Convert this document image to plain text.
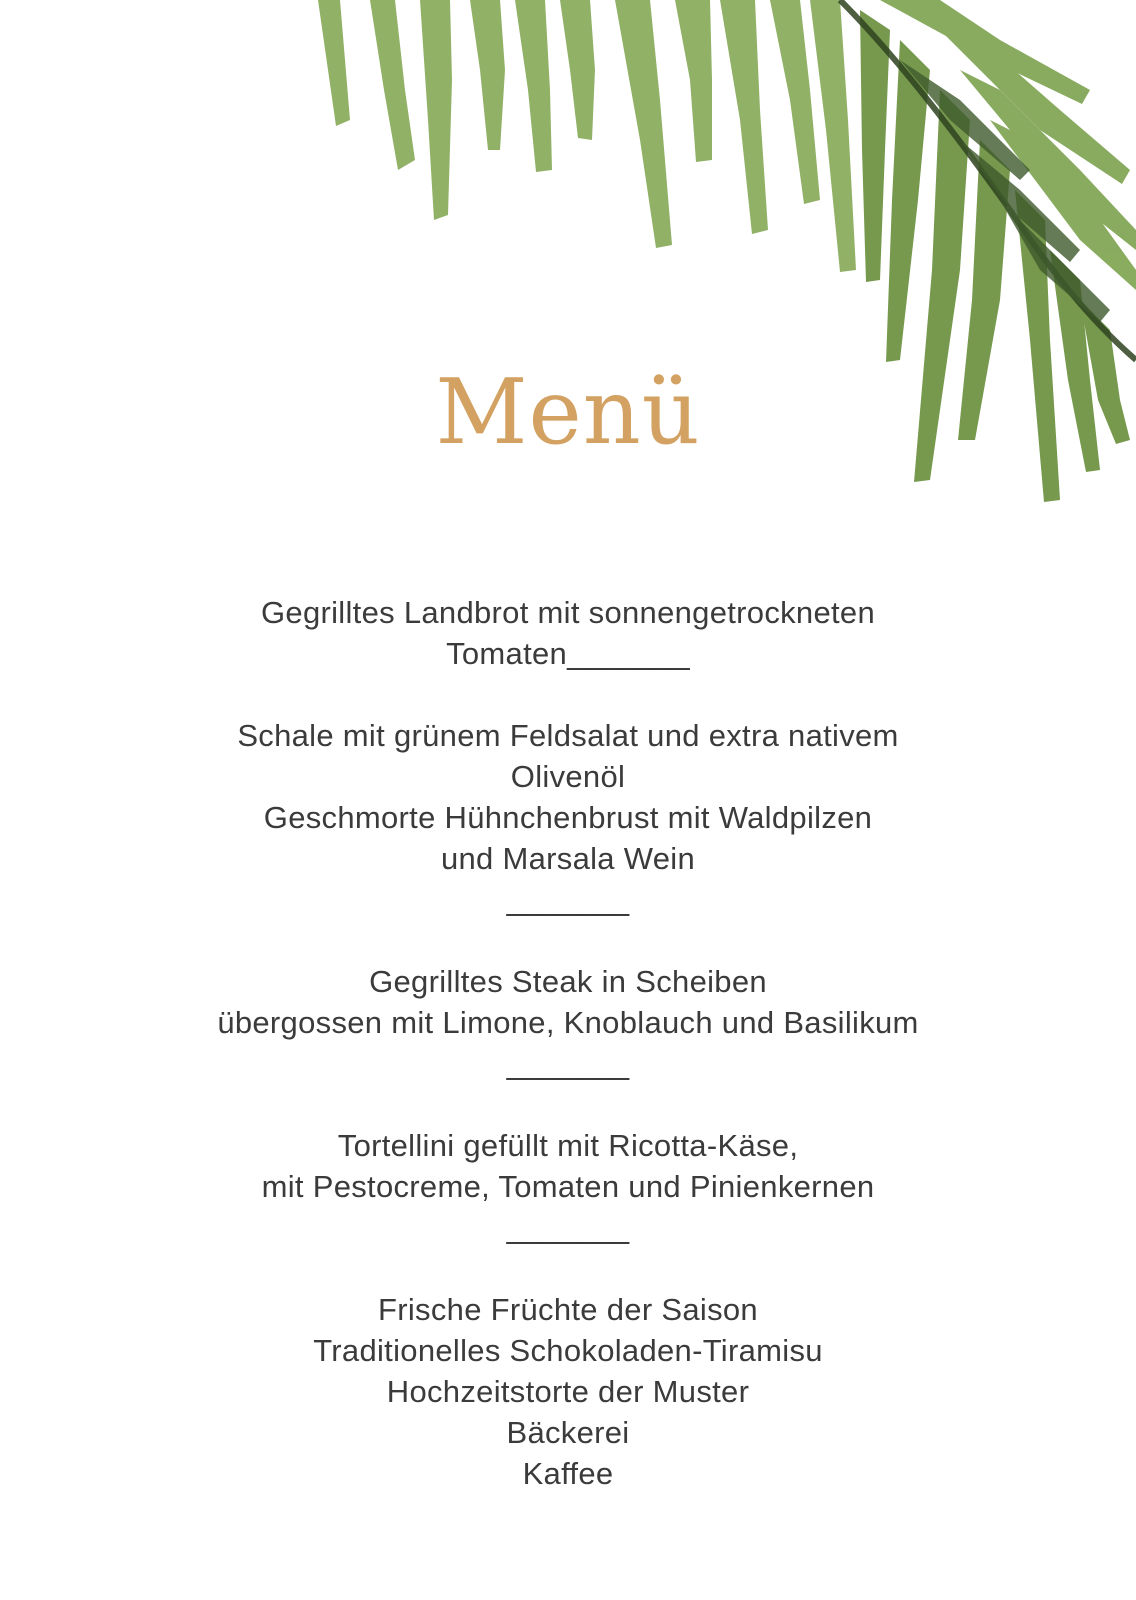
Menü
Gegrilltes Landbrot mit sonnengetrockneten
Tomaten_______
Schale mit grünem Feldsalat und extra nativem
Olivenöl
Geschmorte Hühnchenbrust mit Waldpilzen
und Marsala Wein
_______
Gegrilltes Steak in Scheiben
übergossen mit Limone, Knoblauch und Basilikum
_______
Tortellini gefüllt mit Ricotta-Käse,
mit Pestocreme, Tomaten und Pinienkernen
_______
Frische Früchte der Saison
Traditionelles Schokoladen-Tiramisu
Hochzeitstorte der Muster
Bäckerei
Kaffee
